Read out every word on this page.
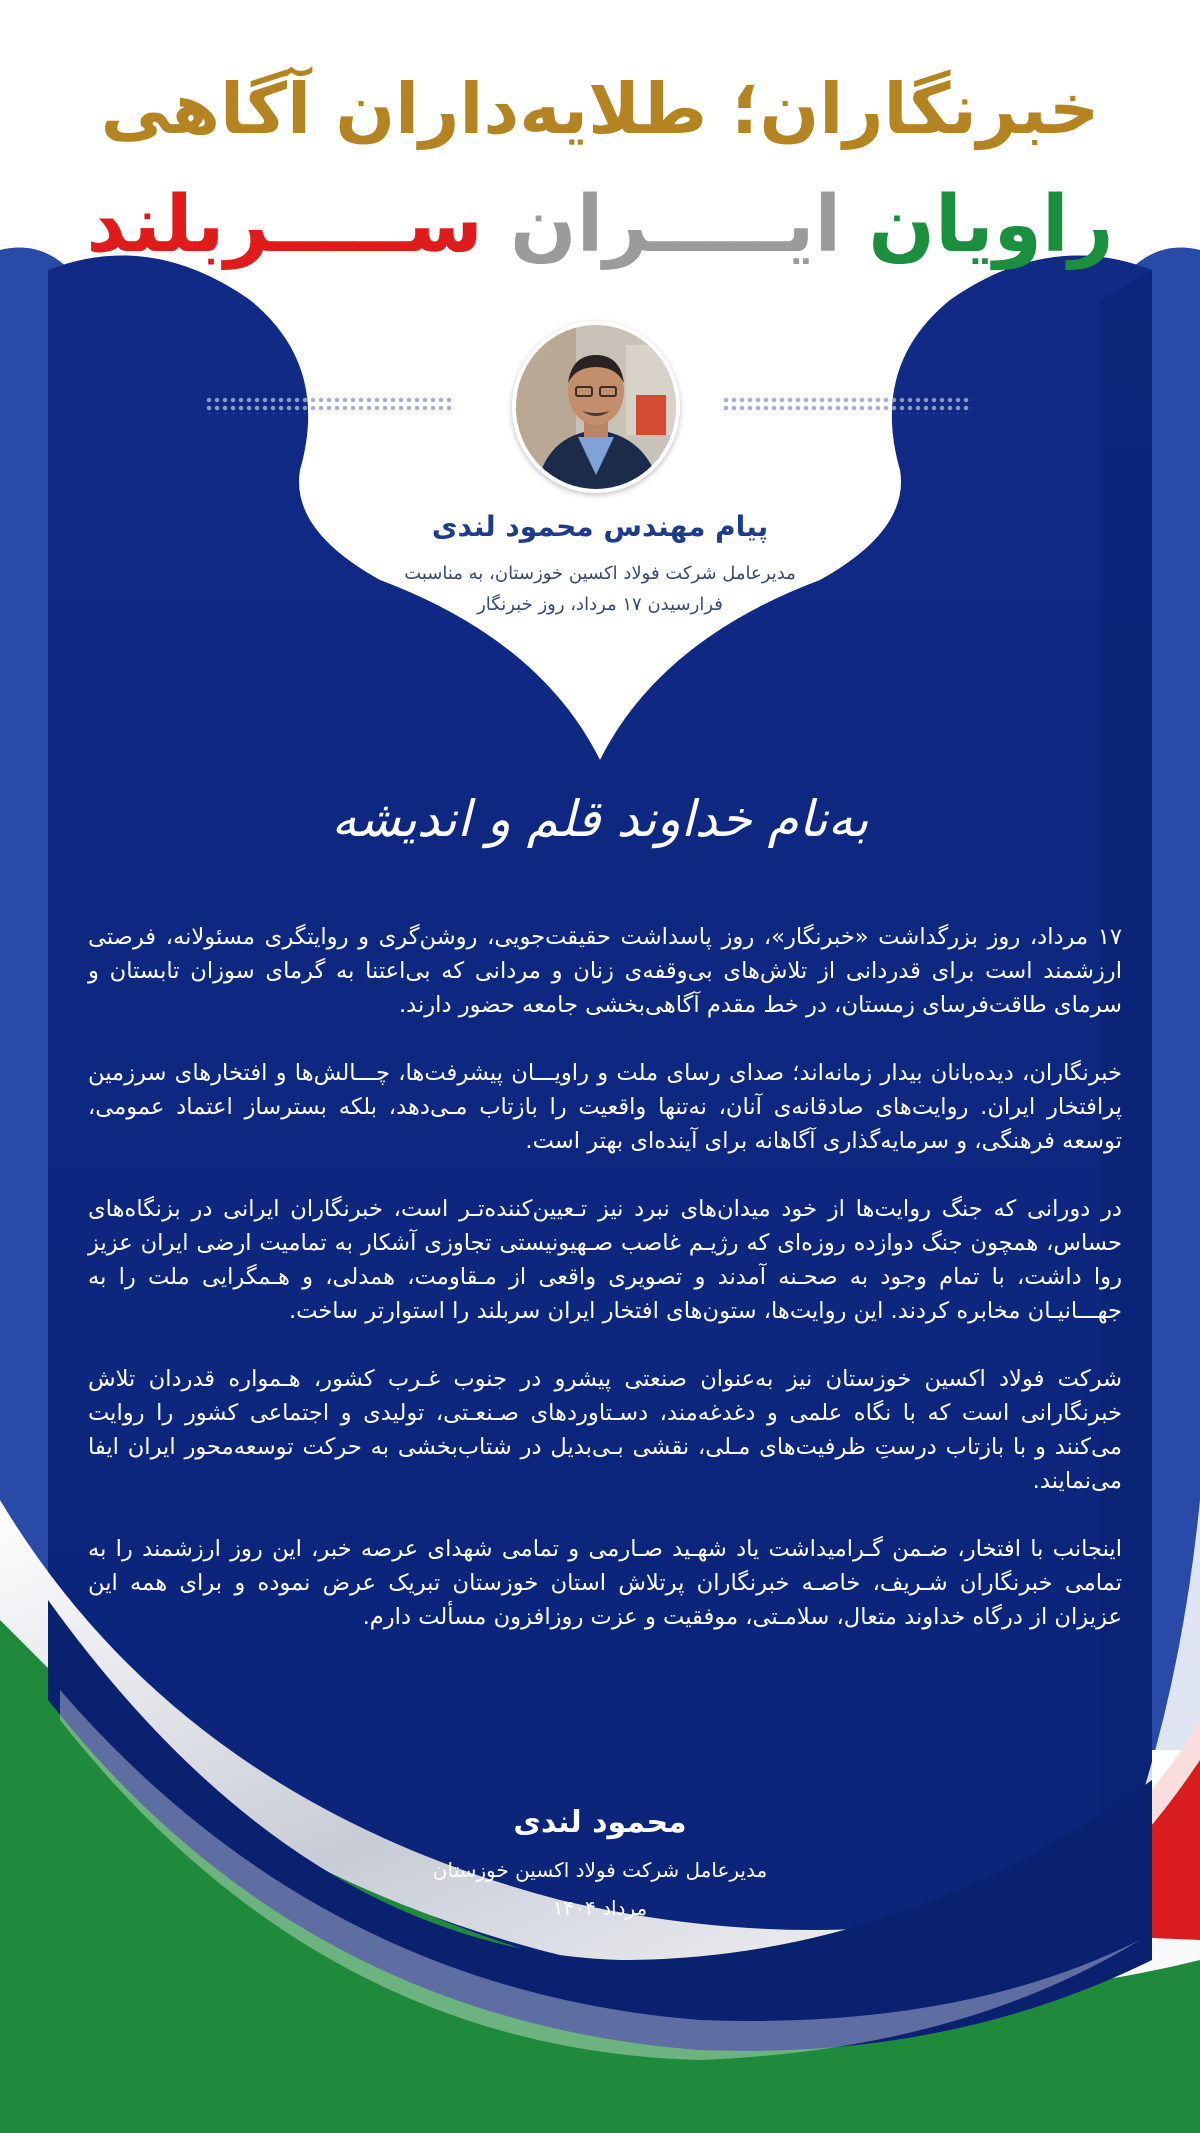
خبرنگاران؛ طلایه‌داران آگاهی
راویان ایـــــران ســـــربلند
پیام مهندس محمود لندی
مدیرعامل شرکت فولاد اکسین خوزستان، به مناسبت
فرارسیدن ۱۷ مرداد، روز خبرنگار
به‌نام خداوند قلم و اندیشه

۱۷ مرداد، روز بزرگداشت «خبرنگار»، روز پاسداشت حقیقت‌جویی، روشن‌گری و روایتگری مسئولانه، فرصتی ارزشمند است برای قدردانی از تلاش‌های بی‌وقفه‌ی زنان و مردانی که بی‌اعتنا به گرمای سوزان تابستان و سرمای طاقت‌فرسای زمستان، در خط مقدم آگاهی‌بخشی جامعه حضور دارند.

خبرنگاران، دیده‌بانان بیدار زمانه‌اند؛ صدای رسای ملت و راویـــان پیشرفت‌ها، چـــالش‌ها و افتخارهای سرزمین پرافتخار ایران. روایت‌های صادقانه‌ی آنان، نه‌تنها واقعیت را بازتاب مـی‌دهد، بلکه بسترساز اعتماد عمومی، توسعه فرهنگی، و سرمایه‌گذاری آگاهانه برای آینده‌ای بهتر است.

در دورانی که جنگ روایت‌ها از خود میدان‌های نبرد نیز تـعیین‌کننده‌تـر است، خبرنگاران ایرانی در بزنگاه‌های حساس، همچون جنگ دوازده روزه‌ای که رژیـم غاصب صـهیونیستی تجاوزی آشکار به تمامیت ارضی ایران عزیز روا داشت، با تمام وجود به صحـنه آمدند و تصویری واقعی از مـقاومت، همدلی، و هـمگرایی ملت را به جهـــانیـان مخابره کردند. این روایت‌ها، ستون‌های افتخار ایران سربلند را استوارتر ساخت.

شرکت فولاد اکسین خوزستان نیز به‌عنوان صنعتی پیشرو در جنوب غـرب کشور، هـمواره قدردان تلاش خبرنگارانی است که با نگاه علمی و دغدغه‌مند، دسـتاوردهای صـنعـتی، تولیدی و اجتماعی کشور را روایت می‌کنند و با بازتاب درستِ ظرفیت‌های مـلی، نقشی بـی‌بدیل در شتاب‌بخشی به حرکت توسعه‌محور ایران ایفا می‌نمایند.

اینجانب با افتخار، ضـمن گـرامیداشت یاد شهـید صـارمی و تمامی شهدای عرصه خبر، این روز ارزشمند را به تمامی خبرنگاران شـریف، خاصـه خبرنگاران پرتلاش استان خوزستان تبریک عرض نموده و برای همه این عزیزان از درگاه خداوند متعال، سلامـتی، موفقیت و عزت روزافزون مسألت دارم.

محمود لندی
مدیرعامل شرکت فولاد اکسین خوزستان
مرداد ۱۴۰۴
